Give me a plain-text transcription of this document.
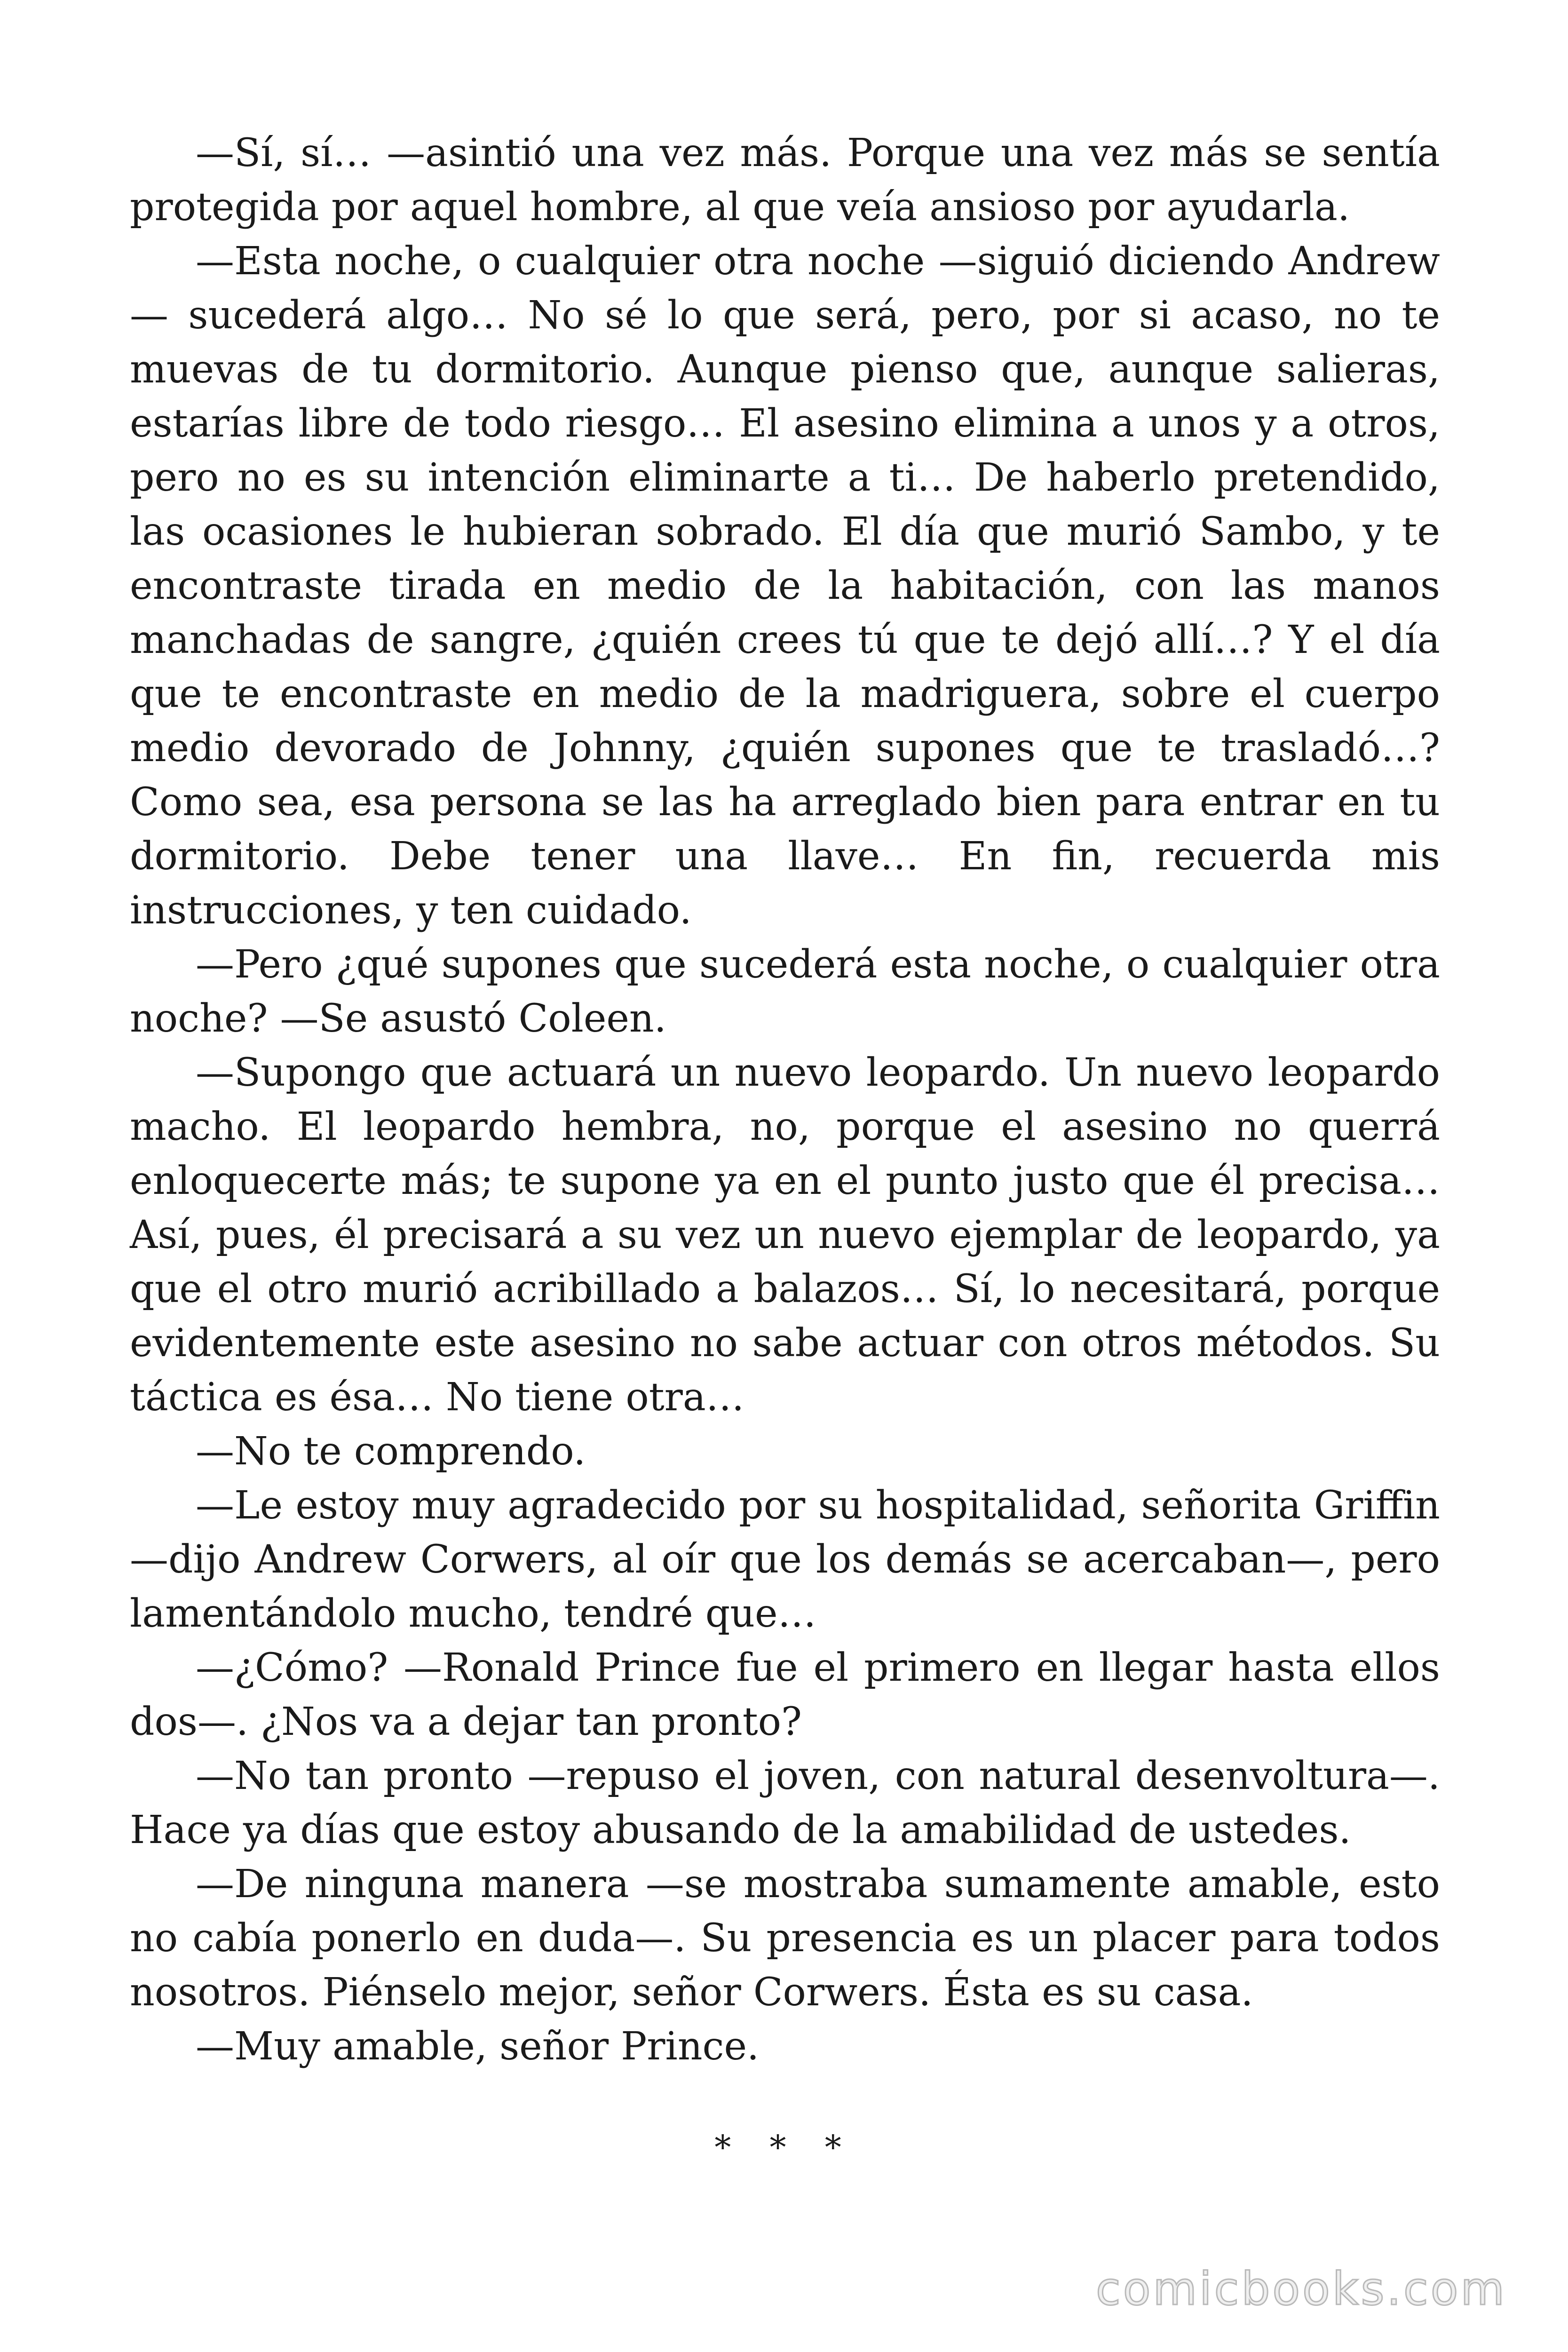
—Sí, sí… —asintió una vez más. Porque una vez más se sentía protegida por aquel hombre, al que veía ansioso por ayudarla.

—Esta noche, o cualquier otra noche —siguió diciendo Andrew — sucederá algo… No sé lo que será, pero, por si acaso, no te muevas de tu dormitorio. Aunque pienso que, aunque salieras, estarías libre de todo riesgo… El asesino elimina a unos y a otros, pero no es su intención eliminarte a ti… De haberlo pretendido, las ocasiones le hubieran sobrado. El día que murió Sambo, y te encontraste tirada en medio de la habitación, con las manos manchadas de sangre, ¿quién crees tú que te dejó allí…? Y el día que te encontraste en medio de la madriguera, sobre el cuerpo medio devorado de Johnny, ¿quién supones que te trasladó…? Como sea, esa persona se las ha arreglado bien para entrar en tu dormitorio. Debe tener una llave… En fin, recuerda mis instrucciones, y ten cuidado.

—Pero ¿qué supones que sucederá esta noche, o cualquier otra noche? —Se asustó Coleen.

—Supongo que actuará un nuevo leopardo. Un nuevo leopardo macho. El leopardo hembra, no, porque el asesino no querrá enloquecerte más; te supone ya en el punto justo que él precisa… Así, pues, él precisará a su vez un nuevo ejemplar de leopardo, ya que el otro murió acribillado a balazos… Sí, lo necesitará, porque evidentemente este asesino no sabe actuar con otros métodos. Su táctica es ésa… No tiene otra…

—No te comprendo.

—Le estoy muy agradecido por su hospitalidad, señorita Griffin —dijo Andrew Corwers, al oír que los demás se acercaban—, pero lamentándolo mucho, tendré que…

—¿Cómo? —Ronald Prince fue el primero en llegar hasta ellos dos—. ¿Nos va a dejar tan pronto?

—No tan pronto —repuso el joven, con natural desenvoltura—. Hace ya días que estoy abusando de la amabilidad de ustedes.

—De ninguna manera —se mostraba sumamente amable, esto no cabía ponerlo en duda—. Su presencia es un placer para todos nosotros. Piénselo mejor, señor Corwers. Ésta es su casa.

—Muy amable, señor Prince.

* * *
comicbooks.com
